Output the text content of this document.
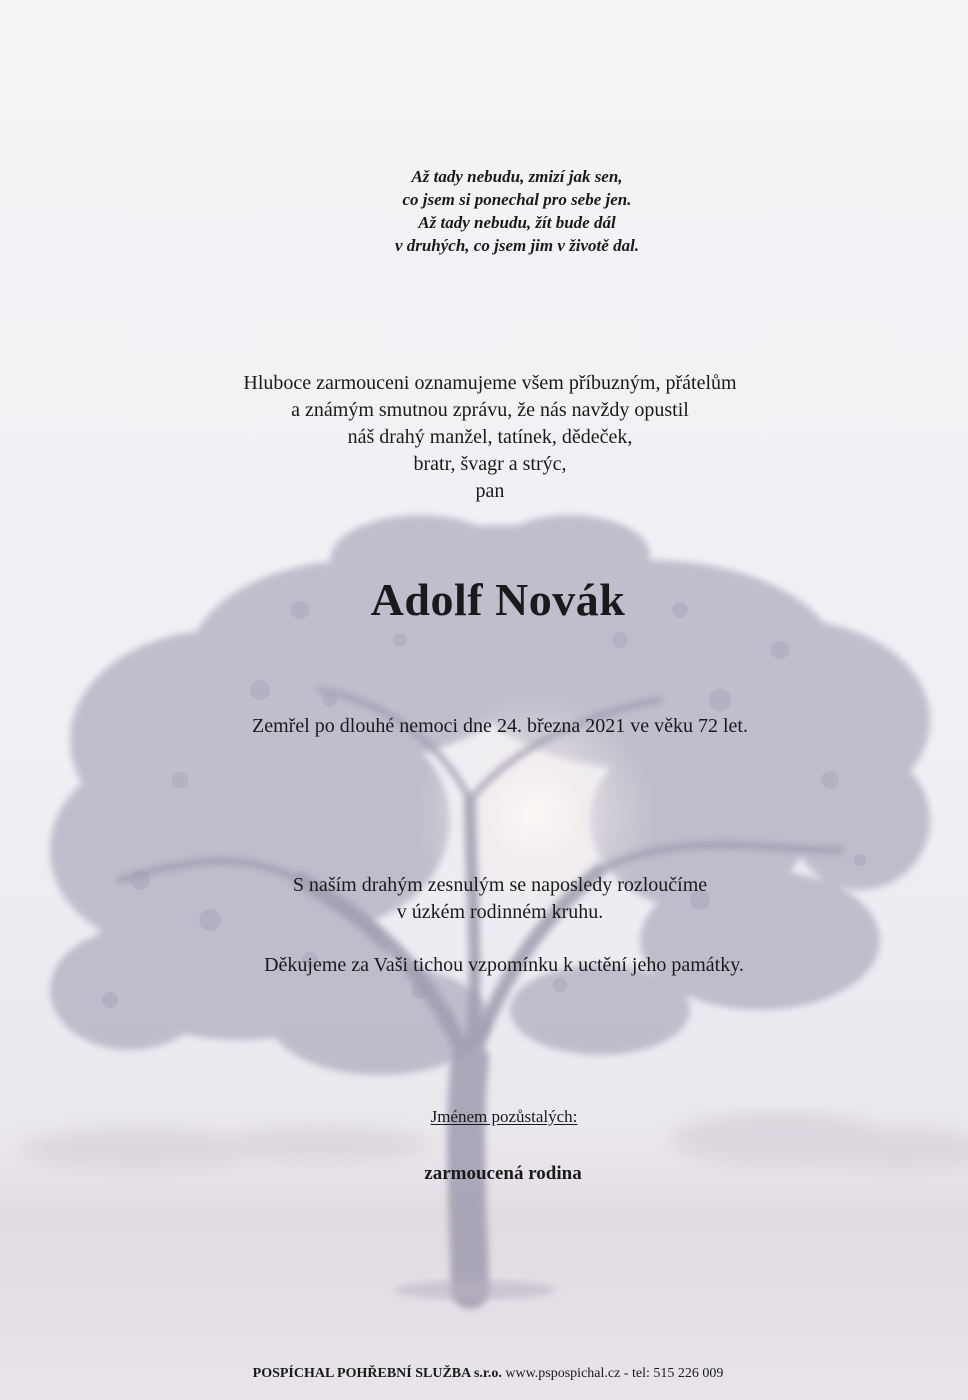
Až tady nebudu, zmizí jak sen,
co jsem si ponechal pro sebe jen.
Až tady nebudu, žít bude dál
v druhých, co jsem jim v životě dal.
Hluboce zarmouceni oznamujeme všem příbuzným, přátelům
a známým smutnou zprávu, že nás navždy opustil
náš drahý manžel, tatínek, dědeček,
bratr, švagr a strýc,
pan
Adolf Novák
Zemřel po dlouhé nemoci dne 24. března 2021 ve věku 72 let.
S naším drahým zesnulým se naposledy rozloučíme
v úzkém rodinném kruhu.
Děkujeme za Vaši tichou vzpomínku k uctění jeho památky.
Jménem pozůstalých:
zarmoucená rodina
POSPÍCHAL POHŘEBNÍ SLUŽBA s.r.o. www.psposp​ichal.cz - tel: 515 226 009
